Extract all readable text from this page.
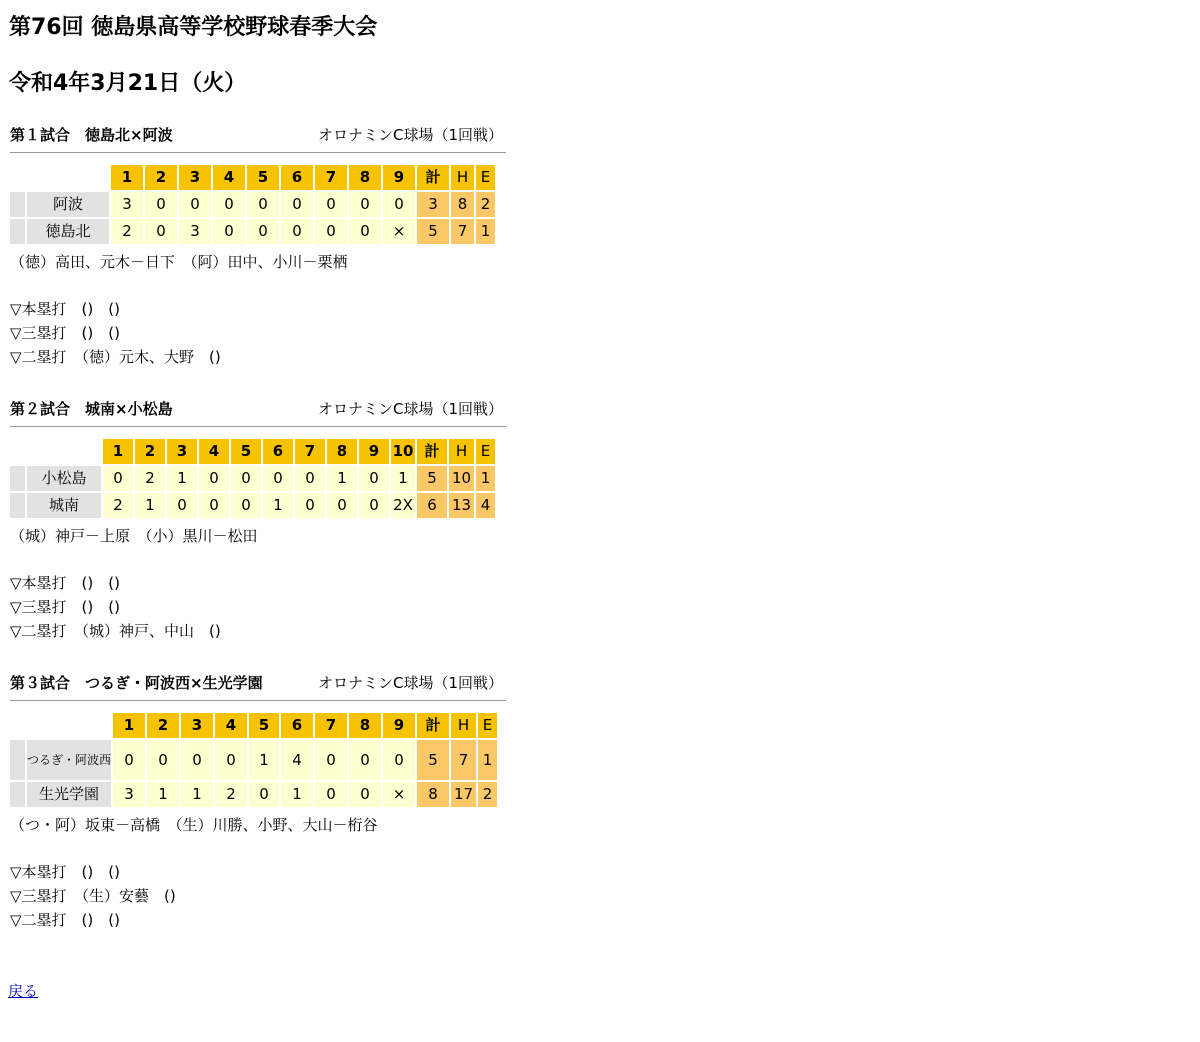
第76回 徳島県高等学校野球春季大会
令和4年3月21日（火）
第１試合　徳島北×阿波	オロナミンC球場（1回戦）
		1	2	3	4	5	6	7	8	9	計	H	E
	阿波	3	0	0	0	0	0	0	0	0	3	8	2
	徳島北	2	0	3	0	0	0	0	0	×	5	7	1
（徳）高田、元木－日下　（阿）田中、小川－栗栖
▽本塁打　()　()
▽三塁打　()　()
▽二塁打　（徳）元木、大野　()
第２試合　城南×小松島	オロナミンC球場（1回戦）
		1	2	3	4	5	6	7	8	9	10	計	H	E
	小松島	0	2	1	0	0	0	0	1	0	1	5	10	1
	城南	2	1	0	0	0	1	0	0	0	2X	6	13	4
（城）神戸－上原　（小）黒川－松田
▽本塁打　()　()
▽三塁打　()　()
▽二塁打　（城）神戸、中山　()
第３試合　つるぎ・阿波西×生光学園	オロナミンC球場（1回戦）
		1	2	3	4	5	6	7	8	9	計	H	E
	つるぎ・阿波西	0	0	0	0	1	4	0	0	0	5	7	1
	生光学園	3	1	1	2	0	1	0	0	×	8	17	2
（つ・阿）坂東－高橋　（生）川勝、小野、大山－桁谷
▽本塁打　()　()
▽三塁打　（生）安藝　()
▽二塁打　()　()
戻る
